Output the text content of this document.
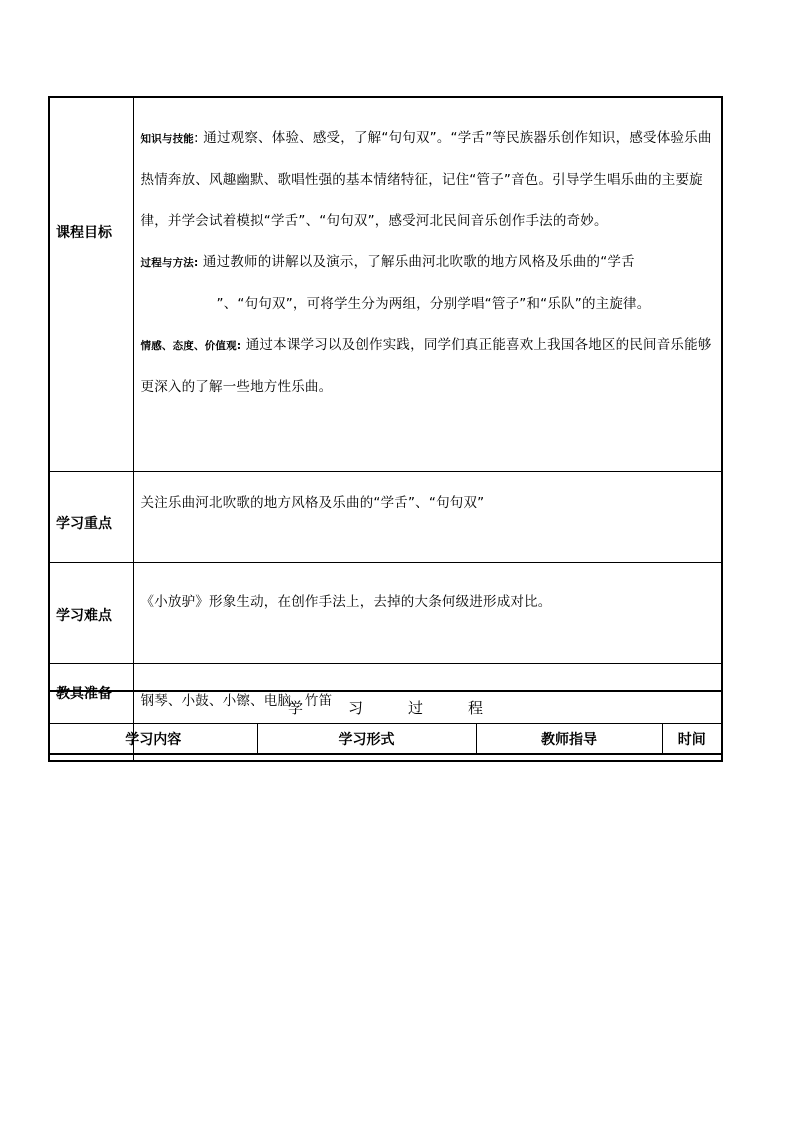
课程目标	知识与技能: 通过观察、体验、感受，了解“句句双”。“学舌”等民族器乐创作知识，感受体验乐曲热情奔放、风趣幽默、歌唱性强的基本情绪特征，记住“管子”音色。引导学生唱乐曲的主要旋律，并学会试着模拟“学舌”、“句句双”，感受河北民间音乐创作手法的奇妙。

过程与方法: 通过教师的讲解以及演示，了解乐曲河北吹歌的地方风格及乐曲的“学舌

”、“句句双”，可将学生分为两组，分别学唱“管子”和“乐队”的主旋律。

情感、态度、价值观: 通过本课学习以及创作实践，同学们真正能喜欢上我国各地区的民间音乐能够更深入的了解一些地方性乐曲。

学习重点	关注乐曲河北吹歌的地方风格及乐曲的“学舌”、“句句双”

学习难点	《小放驴》形象生动，在创作手法上，去掉的大条何级进形成对比。

教具准备	钢琴、小鼓、小镲、电脑、竹笛
学习过程
学习内容	学习形式	教师指导	时间
